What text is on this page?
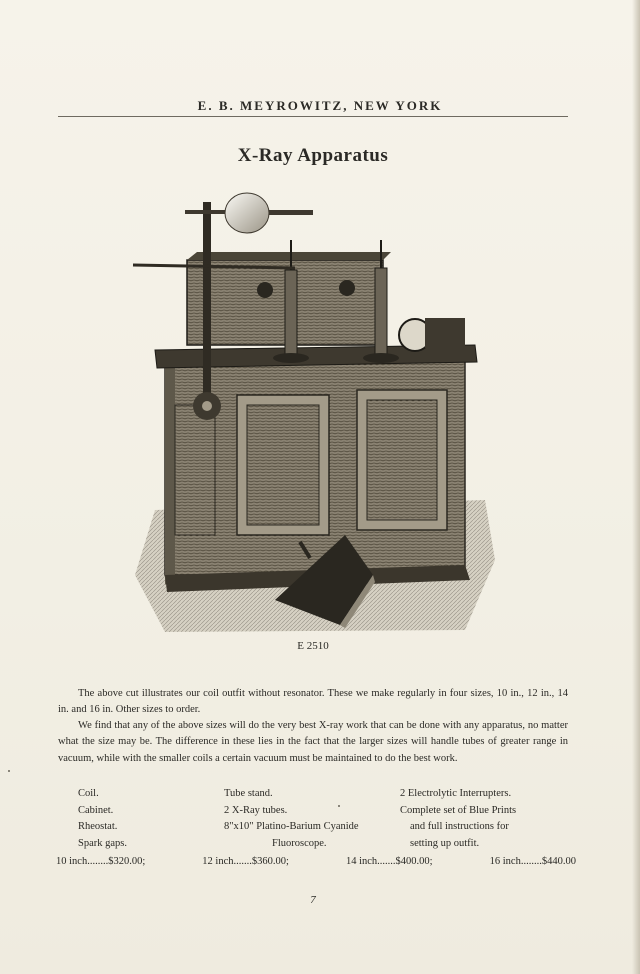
E. B. MEYROWITZ, NEW YORK
X-Ray Apparatus
E 2510

The above cut illustrates our coil outfit without resonator. These we make regularly in four sizes, 10 in., 12 in., 14 in. and 16 in. Other sizes to order.

We find that any of the above sizes will do the very best X-ray work that can be done with any apparatus, no matter what the size may be. The difference in these lies in the fact that the larger sizes will handle tubes of greater range in vacuum, while with the smaller coils a certain vacuum must be maintained to do the best work.

Coil.
Cabinet.
Rheostat.
Spark gaps.
Tube stand.
2 X-Ray tubes.
8"x10" Platino-Barium Cyanide
Fluoroscope.
2 Electrolytic Interrupters.
Complete set of Blue Prints
and full instructions for
setting up outfit.
10 inch........$320.00;	12 inch.......$360.00;	14 inch.......$400.00;	16 inch........$440.00
7
